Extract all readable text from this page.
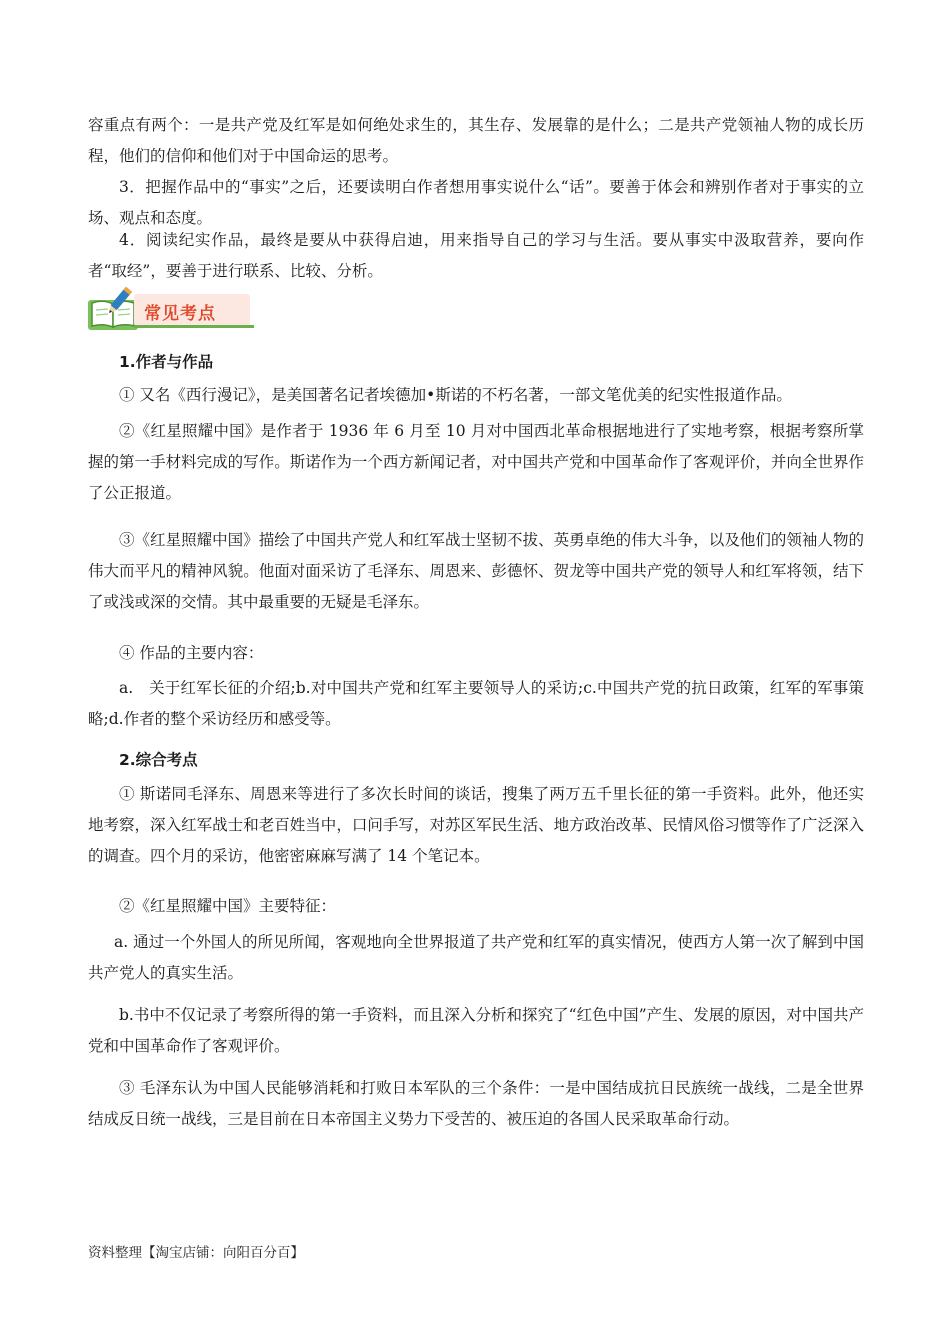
容重点有两个：一是共产党及红军是如何绝处求生的，其生存、发展靠的是什么；二是共产党领袖人物的成长历程，他们的信仰和他们对于中国命运的思考。

3．把握作品中的“事实”之后，还要读明白作者想用事实说什么“话”。要善于体会和辨别作者对于事实的立场、观点和态度。

4．阅读纪实作品，最终是要从中获得启迪，用来指导自己的学习与生活。要从事实中汲取营养，要向作者“取经”，要善于进行联系、比较、分析。

常见考点

1.作者与作品

① 又名《西行漫记》，是美国著名记者埃德加•斯诺的不朽名著，一部文笔优美的纪实性报道作品。

②《红星照耀中国》是作者于 1936 年 6 月至 10 月对中国西北革命根据地进行了实地考察，根据考察所掌握的第一手材料完成的写作。斯诺作为一个西方新闻记者，对中国共产党和中国革命作了客观评价，并向全世界作了公正报道。

③《红星照耀中国》描绘了中国共产党人和红军战士坚韧不拔、英勇卓绝的伟大斗争，以及他们的领袖人物的伟大而平凡的精神风貌。他面对面采访了毛泽东、周恩来、彭德怀、贺龙等中国共产党的领导人和红军将领，结下了或浅或深的交情。其中最重要的无疑是毛泽东。

④ 作品的主要内容：

a.　关于红军长征的介绍;b.对中国共产党和红军主要领导人的采访;c.中国共产党的抗日政策，红军的军事策略;d.作者的整个采访经历和感受等。

2.综合考点

① 斯诺同毛泽东、周恩来等进行了多次长时间的谈话，搜集了两万五千里长征的第一手资料。此外，他还实地考察，深入红军战士和老百姓当中，口问手写，对苏区军民生活、地方政治改革、民情风俗习惯等作了广泛深入的调查。四个月的采访，他密密麻麻写满了 14 个笔记本。

②《红星照耀中国》主要特征：

a. 通过一个外国人的所见所闻，客观地向全世界报道了共产党和红军的真实情况，使西方人第一次了解到中国共产党人的真实生活。

b.书中不仅记录了考察所得的第一手资料，而且深入分析和探究了“红色中国”产生、发展的原因，对中国共产党和中国革命作了客观评价。

③ 毛泽东认为中国人民能够消耗和打败日本军队的三个条件：一是中国结成抗日民族统一战线，二是全世界结成反日统一战线，三是目前在日本帝国主义势力下受苦的、被压迫的各国人民采取革命行动。

资料整理【淘宝店铺：向阳百分百】
